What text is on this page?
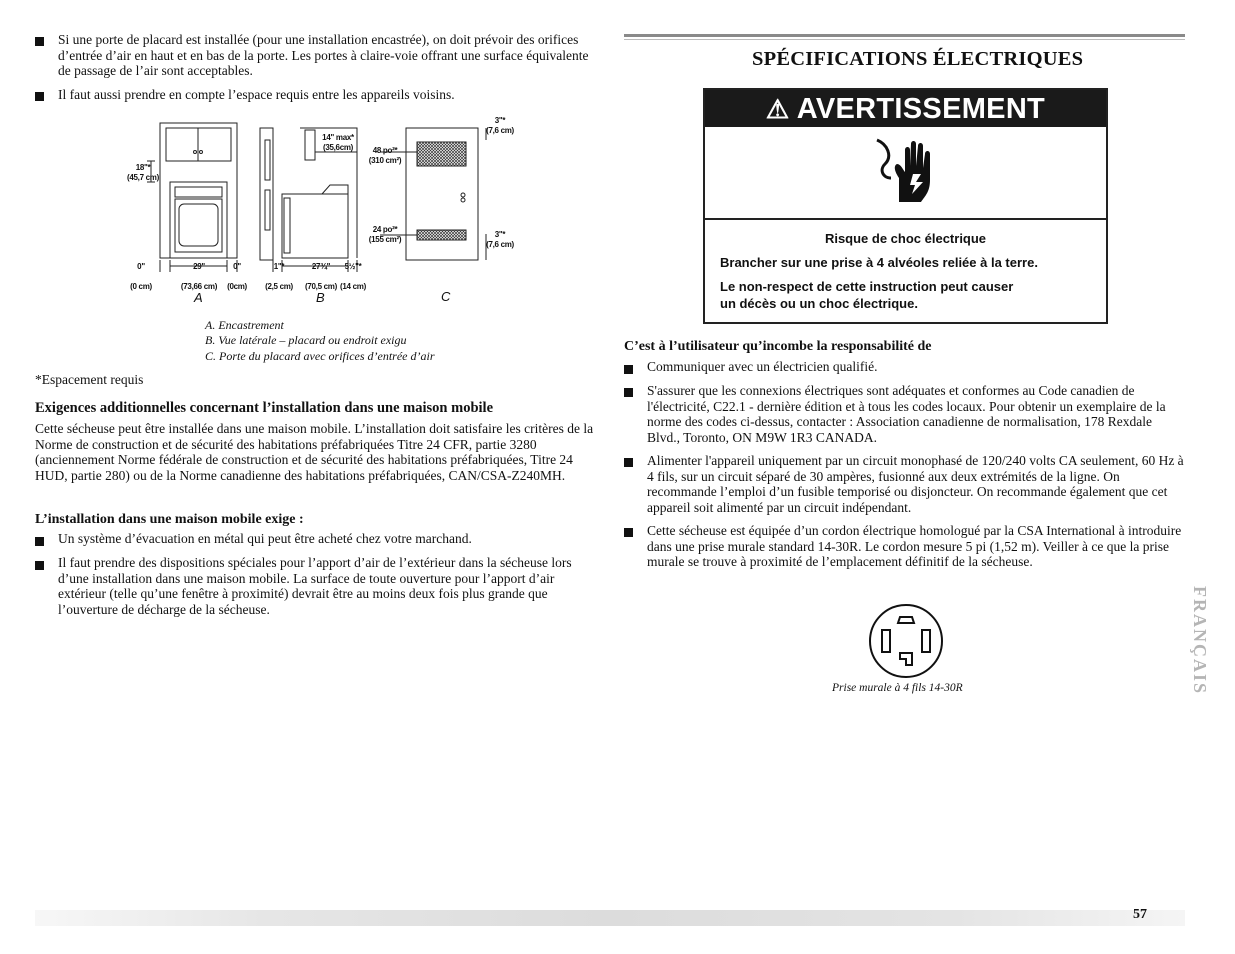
Si une porte de placard est installée (pour une installation encastrée), on doit prévoir des orifices d’entrée d’air en haut et en bas de la porte. Les portes à claire-voie offrant une surface équivalente de passage de l’air sont acceptables.
Il faut aussi prendre en compte l’espace requis entre les appareils voisins.
18"*
(45,7 cm)
0"

(0 cm)
29"

(73,66 cm)
0"

(0cm)
14" max*
(35,6cm)	48 po²*
(310 cm²)
24 po²*
(155 cm²)
1"*

(2,5 cm)
27¾"

(70,5 cm)
5½"*

(14 cm)
3"*
(7,6 cm)
3"*
(7,6 cm)
A	B	C
A. Encastrement
B. Vue latérale – placard ou endroit exigu
C. Porte du placard avec orifices d’entrée d’air
*Espacement requis
Exigences additionnelles concernant l’installation dans une maison mobile
Cette sécheuse peut être installée dans une maison mobile. L’installation doit satisfaire les critères de la Norme de construction et de sécurité des habitations préfabriquées Titre 24 CFR, partie 3280 (anciennement Norme fédérale de construction et de sécurité des habitations préfabriquées, Titre 24 HUD, partie 280) ou de la Norme canadienne des habitations préfabriquées, CAN/CSA-Z240MH.
L’installation dans une maison mobile exige :
Un système d’évacuation en métal qui peut être acheté chez votre marchand.
Il faut prendre des dispositions spéciales pour l’apport d’air de l’extérieur dans la sécheuse lors d’une installation dans une maison mobile. La surface de toute ouverture pour l’apport d’air extérieur (telle qu’une fenêtre à proximité) devrait être au moins deux fois plus grande que l’ouverture de décharge de la sécheuse.
SPÉCIFICATIONS ÉLECTRIQUES
⚠ AVERTISSEMENT
Risque de choc électrique
Brancher sur une prise à 4 alvéoles reliée à la terre.
Le non-respect de cette instruction peut causer
un décès ou un choc électrique.
C’est à l’utilisateur qu’incombe la responsabilité de
Communiquer avec un électricien qualifié.
S'assurer que les connexions électriques sont adéquates et conformes au Code canadien de l'électricité, C22.1 - dernière édition et à tous les codes locaux. Pour obtenir un exemplaire de la norme des codes ci-dessus, contacter : Association canadienne de normalisation, 178 Rexdale Blvd., Toronto, ON M9W 1R3 CANADA.
Alimenter l'appareil uniquement par un circuit monophasé de 120/240 volts CA seulement, 60 Hz à 4 fils, sur un circuit séparé de 30 ampères, fusionné aux deux extrémités de la ligne. On recommande l’emploi d’un fusible temporisé ou disjoncteur. On recommande également que cet appareil soit alimenté par un circuit indépendant.
Cette sécheuse est équipée d’un cordon électrique homologué par la CSA International à introduire dans une prise murale standard 14-30R. Le cordon mesure 5 pi (1,52 m). Veiller à ce que la prise murale se trouve à proximité de l’emplacement définitif de la sécheuse.
Prise murale à 4 fils 14-30R	FRANÇAIS
57
